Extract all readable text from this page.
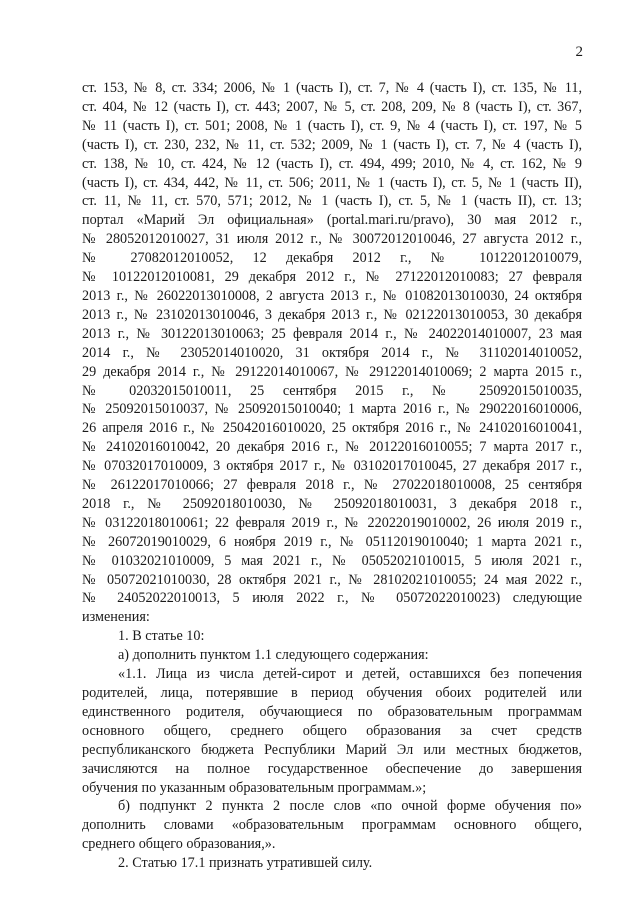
2
ст. 153, № 8, ст. 334; 2006, № 1 (часть I), ст. 7, № 4 (часть I), ст. 135, № 11,
ст. 404, № 12 (часть I), ст. 443; 2007, № 5, ст. 208, 209, № 8 (часть I), ст. 367,
№ 11 (часть I), ст. 501; 2008, № 1 (часть I), ст. 9, № 4 (часть I), ст. 197, № 5
(часть I), ст. 230, 232, № 11, ст. 532; 2009, № 1 (часть I), ст. 7, № 4 (часть I),
ст. 138, № 10, ст. 424, № 12 (часть I), ст. 494, 499; 2010, № 4, ст. 162, № 9
(часть I), ст. 434, 442, № 11, ст. 506; 2011, № 1 (часть I), ст. 5, № 1 (часть II),
ст. 11, № 11, ст. 570, 571; 2012, № 1 (часть I), ст. 5, № 1 (часть II), ст. 13;
портал «Марий Эл официальная» (portal.mari.ru/pravo), 30 мая 2012 г.,
№ 28052012010027, 31 июля 2012 г., № 30072012010046, 27 августа 2012 г.,
№ 27082012010052, 12 декабря 2012 г., № 10122012010079,
№ 10122012010081, 29 декабря 2012 г., № 27122012010083; 27 февраля
2013 г., № 26022013010008, 2 августа 2013 г., № 01082013010030, 24 октября
2013 г., № 23102013010046, 3 декабря 2013 г., № 02122013010053, 30 декабря
2013 г., № 30122013010063; 25 февраля 2014 г., № 24022014010007, 23 мая
2014 г., № 23052014010020, 31 октября 2014 г., № 31102014010052,
29 декабря 2014 г., № 29122014010067, № 29122014010069; 2 марта 2015 г.,
№ 02032015010011, 25 сентября 2015 г., № 25092015010035,
№ 25092015010037, № 25092015010040; 1 марта 2016 г., № 29022016010006,
26 апреля 2016 г., № 25042016010020, 25 октября 2016 г., № 24102016010041,
№ 24102016010042, 20 декабря 2016 г., № 20122016010055; 7 марта 2017 г.,
№ 07032017010009, 3 октября 2017 г., № 03102017010045, 27 декабря 2017 г.,
№ 26122017010066; 27 февраля 2018 г., № 27022018010008, 25 сентября
2018 г., № 25092018010030, № 25092018010031, 3 декабря 2018 г.,
№ 03122018010061; 22 февраля 2019 г., № 22022019010002, 26 июля 2019 г.,
№ 26072019010029, 6 ноября 2019 г., № 05112019010040; 1 марта 2021 г.,
№ 01032021010009, 5 мая 2021 г., № 05052021010015, 5 июля 2021 г.,
№ 05072021010030, 28 октября 2021 г., № 28102021010055; 24 мая 2022 г.,
№ 24052022010013, 5 июля 2022 г., № 05072022010023) следующие
изменения:
1. В статье 10:
а) дополнить пунктом 1.1 следующего содержания:
«1.1. Лица из числа детей-сирот и детей, оставшихся без попечения
родителей, лица, потерявшие в период обучения обоих родителей или
единственного родителя, обучающиеся по образовательным программам
основного общего, среднего общего образования за счет средств
республиканского бюджета Республики Марий Эл или местных бюджетов,
зачисляются на полное государственное обеспечение до завершения
обучения по указанным образовательным программам.»;
б) подпункт 2 пункта 2 после слов «по очной форме обучения по»
дополнить словами «образовательным программам основного общего,
среднего общего образования,».
2. Статью 17.1 признать утратившей силу.
